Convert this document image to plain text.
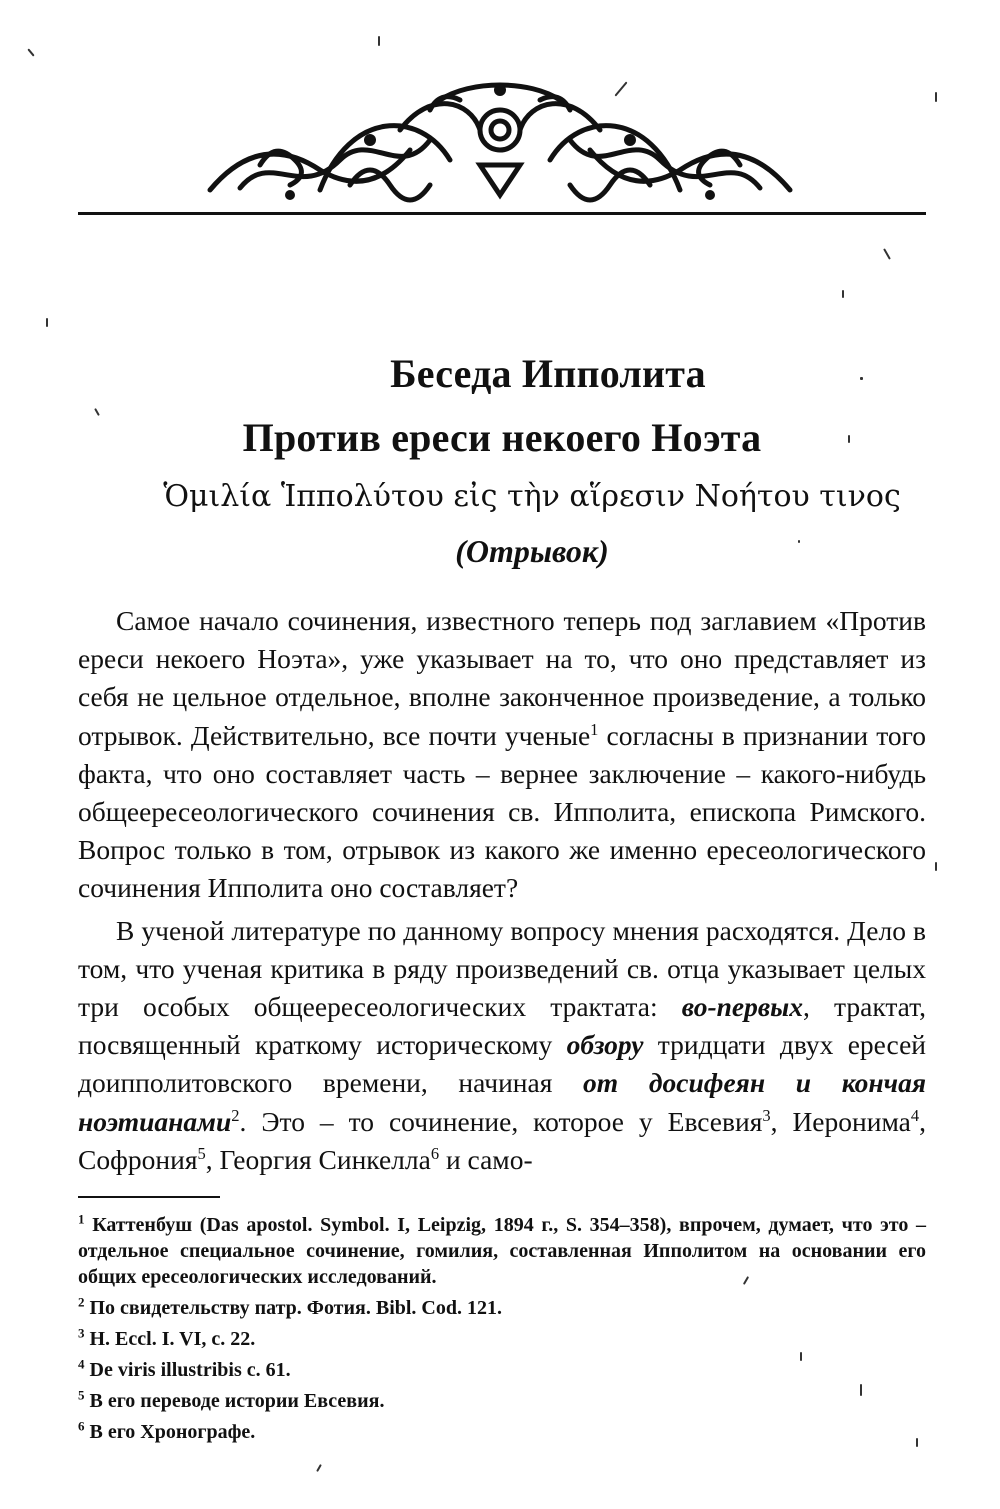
Беседа Ипполита
Против ереси некоего Ноэта
Ὁμιλία Ἱππολύτου εἰς τὴν αἵρεσιν Νοήτου τινος
(Отрывок)

Самое начало сочинения, известного теперь под заглавием «Против ереси некоего Ноэта», уже указывает на то, что оно представляет из себя не цельное отдельное, вполне законченное произведение, а только отрывок. Действительно, все почти ученые$^1$ согласны в признании того факта, что оно составляет часть – вернее заключение – какого-нибудь общеересеологического сочинения св. Ипполита, епископа Римского. Вопрос только в том, отрывок из какого же именно ересеологического сочинения Ипполита оно составляет?

В ученой литературе по данному вопросу мнения расходятся. Дело в том, что ученая критика в ряду произведений св. отца указывает целых три особых общеересеологических трактата: во-первых, трактат, посвященный краткому историческому обзору тридцати двух ересей доипполитовского времени, начиная от досифеян и кончая ноэтианами$^2$. Это – то сочинение, которое у Евсевия$^3$, Иеронима$^4$, Софрония$^5$, Георгия Синкелла$^6$ и само-

$^1$ Каттенбуш (Das apostol. Symbol. I, Leipzig, 1894 г., S. 354–358), впрочем, думает, что это – отдельное специальное сочинение, гомилия, составленная Ипполитом на основании его общих ересеологических исследований.

$^2$ По свидетельству патр. Фотия. Bibl. Cod. 121.

$^3$ H. Eccl. I. VI, c. 22.

$^4$ De viris illustribis c. 61.

$^5$ В его переводе истории Евсевия.

$^6$ В его Хронографе.
